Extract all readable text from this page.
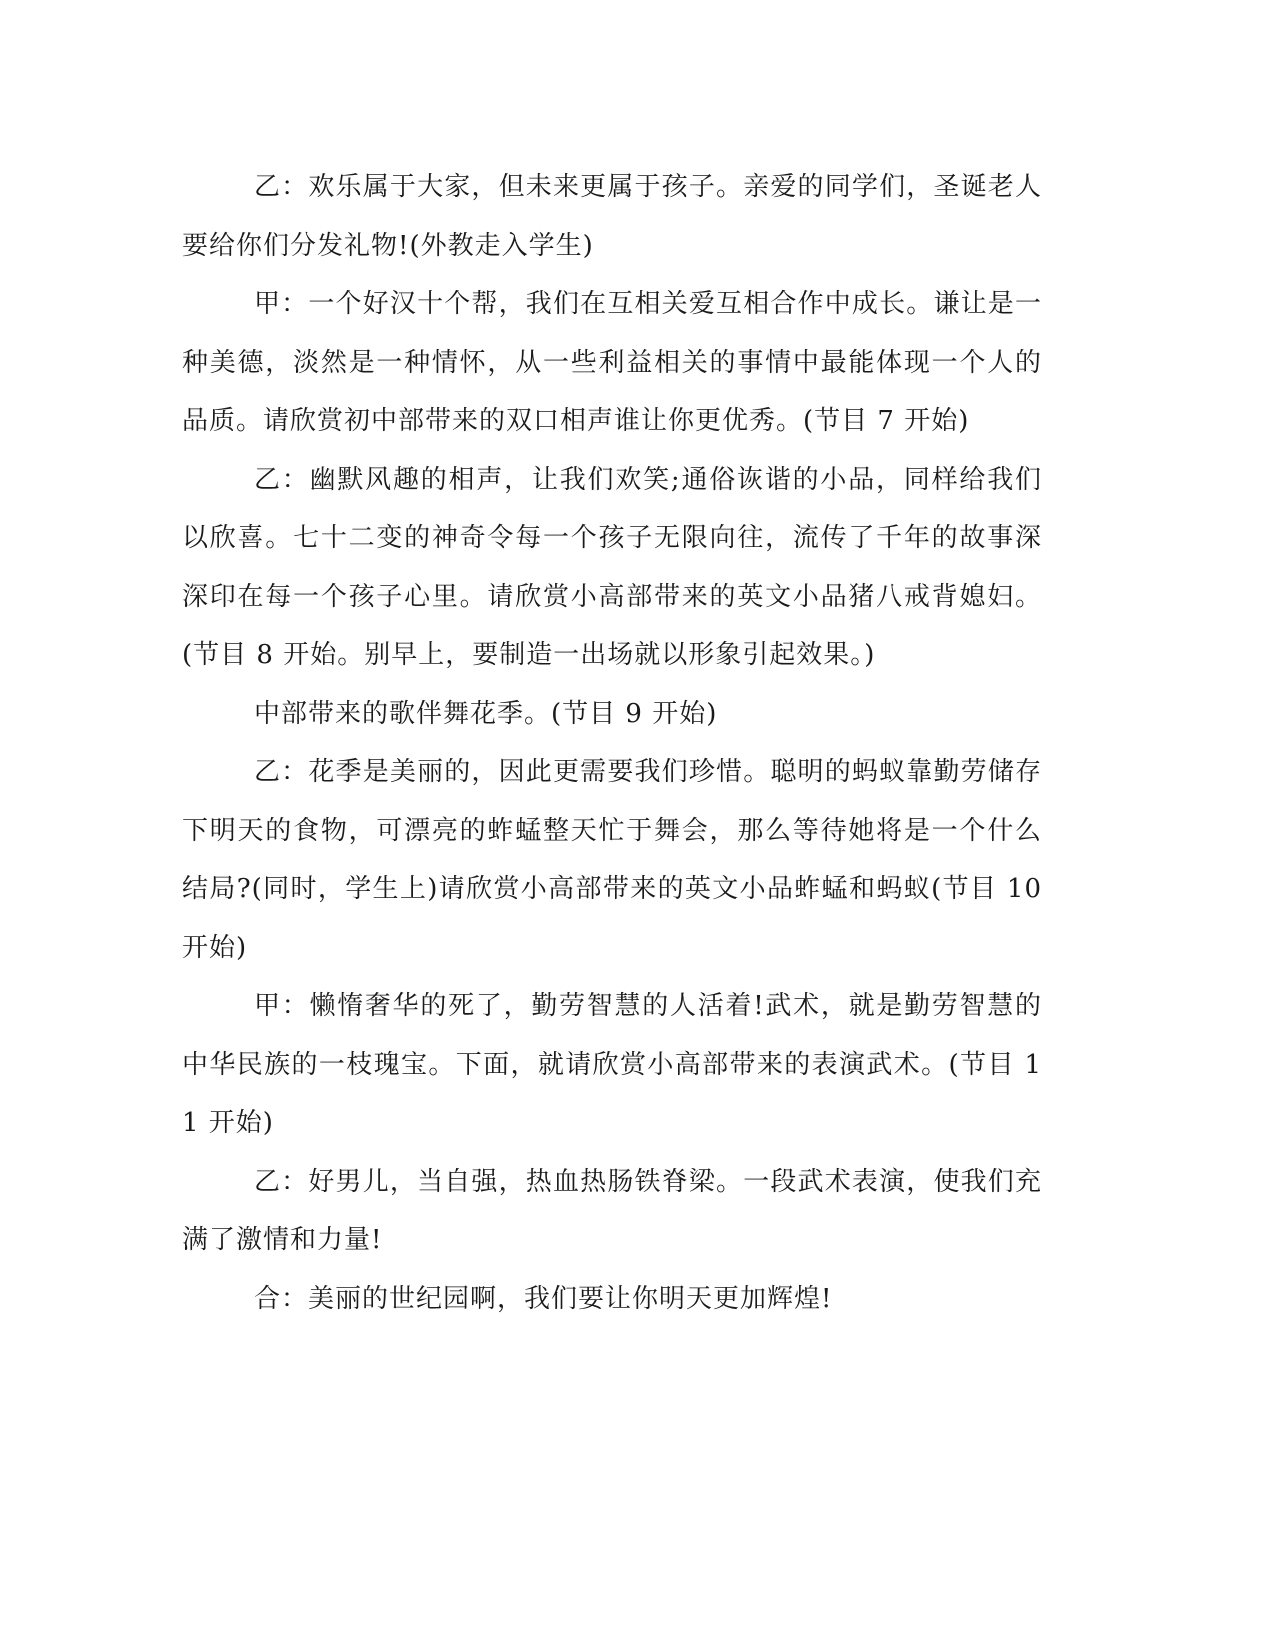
乙：欢乐属于大家，但未来更属于孩子。亲爱的同学们，圣诞老人要给你们分发礼物!(外教走入学生)

甲：一个好汉十个帮，我们在互相关爱互相合作中成长。谦让是一种美德，淡然是一种情怀，从一些利益相关的事情中最能体现一个人的品质。请欣赏初中部带来的双口相声谁让你更优秀。(节目 7 开始)

乙：幽默风趣的相声，让我们欢笑;通俗诙谐的小品，同样给我们以欣喜。七十二变的神奇令每一个孩子无限向往，流传了千年的故事深深印在每一个孩子心里。请欣赏小高部带来的英文小品猪八戒背媳妇。(节目 8 开始。别早上，要制造一出场就以形象引起效果。)

中部带来的歌伴舞花季。(节目 9 开始)

乙：花季是美丽的，因此更需要我们珍惜。聪明的蚂蚁靠勤劳储存下明天的食物，可漂亮的蚱蜢整天忙于舞会，那么等待她将是一个什么结局?(同时，学生上)请欣赏小高部带来的英文小品蚱蜢和蚂蚁(节目 10 开始)

甲：懒惰奢华的死了，勤劳智慧的人活着!武术，就是勤劳智慧的中华民族的一枝瑰宝。下面，就请欣赏小高部带来的表演武术。(节目 11 开始)

乙：好男儿，当自强，热血热肠铁脊梁。一段武术表演，使我们充满了激情和力量!

合：美丽的世纪园啊，我们要让你明天更加辉煌!
